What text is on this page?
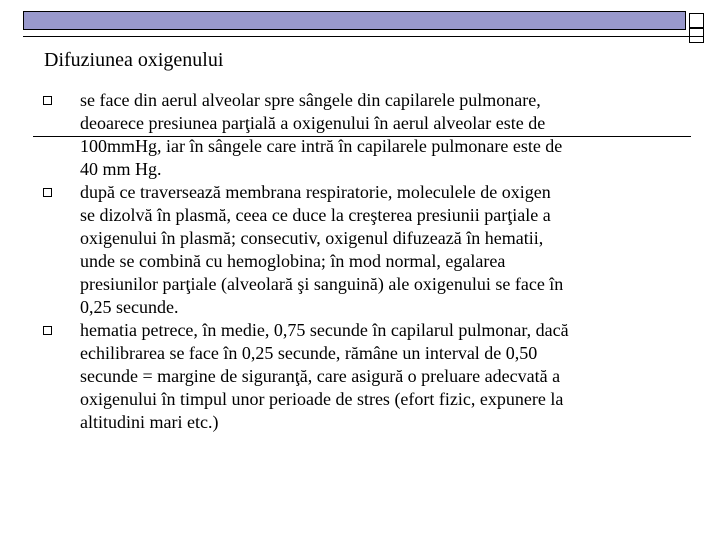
Difuziunea oxigenului
se face din aerul alveolar spre sângele din capilarele pulmonare,
deoarece presiunea parţială a oxigenului în aerul alveolar este de
100mmHg, iar în sângele care intră în capilarele pulmonare este de
40 mm Hg.
după ce traversează membrana respiratorie, moleculele de oxigen
se dizolvă în plasmă, ceea ce duce la creşterea presiunii parţiale a
oxigenului în plasmă; consecutiv, oxigenul difuzează în hematii,
unde se combină cu hemoglobina; în mod normal, egalarea
presiunilor parţiale (alveolară şi sanguină) ale oxigenului se face în
0,25 secunde.
hematia petrece, în medie, 0,75 secunde în capilarul pulmonar, dacă
echilibrarea se face în 0,25 secunde, rămâne un interval de 0,50
secunde = margine de siguranţă, care asigură o preluare adecvată a
oxigenului în timpul unor perioade de stres (efort fizic, expunere la
altitudini mari etc.)
